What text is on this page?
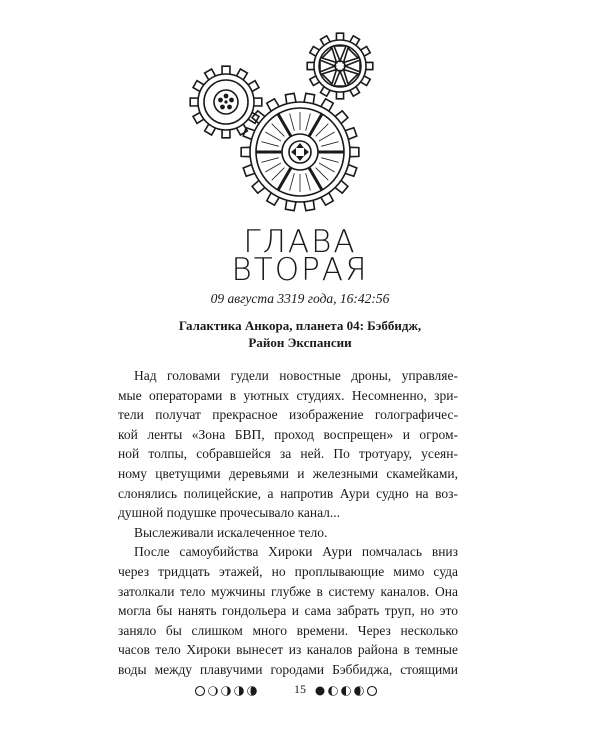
ГЛАВА
ВТОРАЯ
09 августа 3319 года, 16:42:56
Галактика Анкора, планета 04: Бэббидж,
Район Экспансии
Над головами гудели новостные дроны, управляе-
мые операторами в уютных студиях. Несомненно, зри-
тели получат прекрасное изображение голографичес-
кой ленты «Зона БВП, проход воспрещен» и огром-
ной толпы, собравшейся за ней. По тротуару, усеян-
ному цветущими деревьями и железными скамейками,
слонялись полицейские, а напротив Аури судно на воз-
душной подушке прочесывало канал...
Выслеживали искалеченное тело.
После самоубийства Хироки Аури помчалась вниз
через тридцать этажей, но проплывающие мимо суда
затолкали тело мужчины глубже в систему каналов. Она
могла бы нанять гондольера и сама забрать труп, но это
заняло бы слишком много времени. Через несколько
часов тело Хироки вынесет из каналов района в темные
воды между плавучими городами Бэббиджа, стоящими
15
